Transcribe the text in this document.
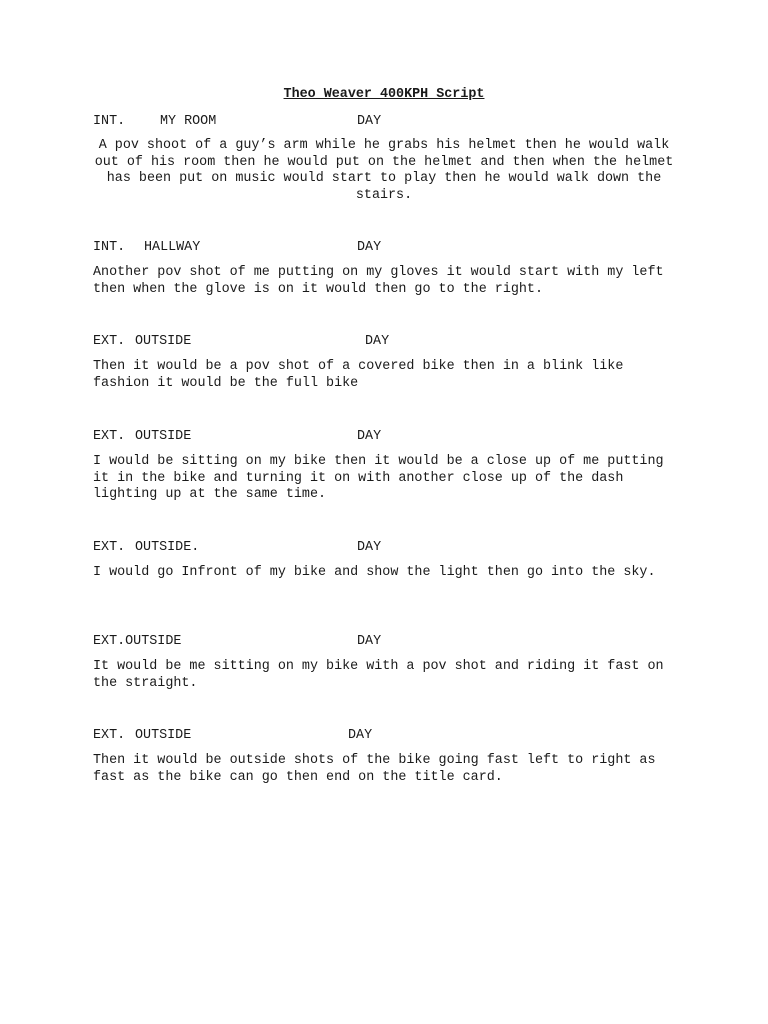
Theo Weaver 400KPH Script

INT.

	MY ROOM

	DAY

A pov shoot of a guy’s arm while he grabs his helmet then he would walk out of his room then he would put on the helmet and then when the helmet has been put on music would start to play then he would walk down the stairs.

INT.

HALLWAY

	DAY

Another pov shot of me putting on my gloves it would start with my left then when the glove is on it would then go to the right.

EXT.

OUTSIDE

	DAY

Then it would be a pov shot of a covered bike then in a blink like fashion it would be the full bike

EXT.

OUTSIDE

	DAY

I would be sitting on my bike then it would be a close up of me putting it in the bike and turning it on with another close up of the dash lighting up at the same time.

EXT.

OUTSIDE.

	DAY

I would go Infront of my bike and show the light then go into the sky.

EXT.OUTSIDE

	DAY

It would be me sitting on my bike with a pov shot and riding it fast on the straight.

EXT.

OUTSIDE

	DAY

Then it would be outside shots of the bike going fast left to right as fast as the bike can go then end on the title card.
